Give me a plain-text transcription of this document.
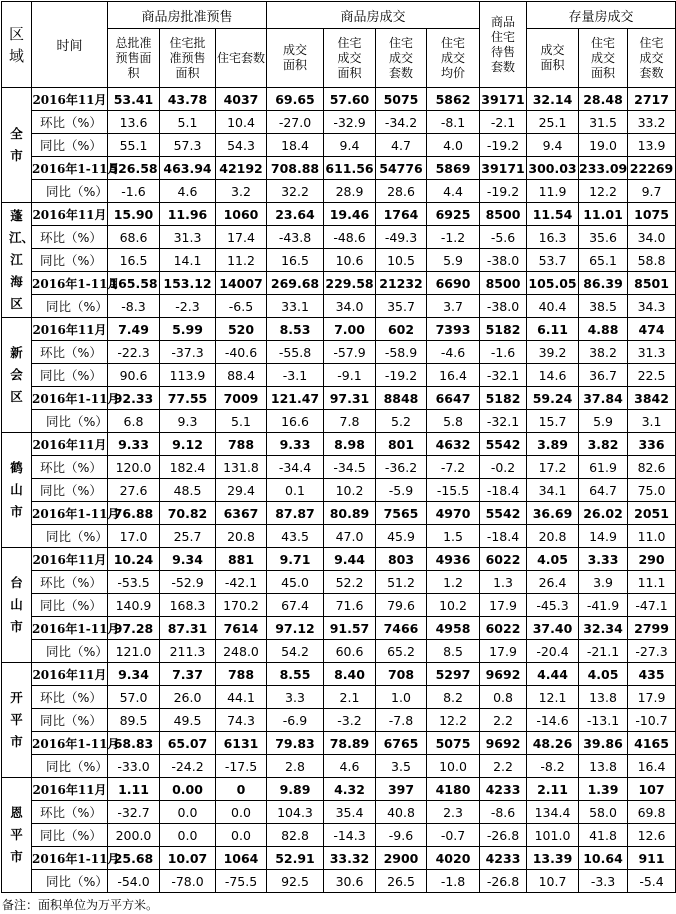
区域	时间	商品房批准预售			商品房成交				商品住宅待售套数	存量房成交		
		总批准预售面积	住宅批准预售面积	住宅套数	成交面积	住宅成交面积	住宅成交套数	住宅成交均价		成交面积	住宅成交面积	住宅成交套数
全市	2016年11月	53.41	43.78	4037	69.65	57.60	5075	5862	39171	32.14	28.48	2717
	环比（%）	13.6	5.1	10.4	-27.0	-32.9	-34.2	-8.1	-2.1	25.1	31.5	33.2
	同比（%）	55.1	57.3	54.3	18.4	9.4	4.7	4.0	-19.2	9.4	19.0	13.9
	2016年1-11月	526.58	463.94	42192	708.88	611.56	54776	5869	39171	300.03	233.09	22269
	同比（%）	-1.6	4.6	3.2	32.2	28.9	28.6	4.4	-19.2	11.9	12.2	9.7
蓬江、江海区	2016年11月	15.90	11.96	1060	23.64	19.46	1764	6925	8500	11.54	11.01	1075
	环比（%）	68.6	31.3	17.4	-43.8	-48.6	-49.3	-1.2	-5.6	16.3	35.6	34.0
	同比（%）	16.5	14.1	11.2	16.5	10.6	10.5	5.9	-38.0	53.7	65.1	58.8
	2016年1-11月	165.58	153.12	14007	269.68	229.58	21232	6690	8500	105.05	86.39	8501
	同比（%）	-8.3	-2.3	-6.5	33.1	34.0	35.7	3.7	-38.0	40.4	38.5	34.3
新会区	2016年11月	7.49	5.99	520	8.53	7.00	602	7393	5182	6.11	4.88	474
	环比（%）	-22.3	-37.3	-40.6	-55.8	-57.9	-58.9	-4.6	-1.6	39.2	38.2	31.3
	同比（%）	90.6	113.9	88.4	-3.1	-9.1	-19.2	16.4	-32.1	14.6	36.7	22.5
	2016年1-11月	92.33	77.55	7009	121.47	97.31	8848	6647	5182	59.24	37.84	3842
	同比（%）	6.8	9.3	5.1	16.6	7.8	5.2	5.8	-32.1	15.7	5.9	3.1
鹤山市	2016年11月	9.33	9.12	788	9.33	8.98	801	4632	5542	3.89	3.82	336
	环比（%）	120.0	182.4	131.8	-34.4	-34.5	-36.2	-7.2	-0.2	17.2	61.9	82.6
	同比（%）	27.6	48.5	29.4	0.1	10.2	-5.9	-15.5	-18.4	34.1	64.7	75.0
	2016年1-11月	76.88	70.82	6367	87.87	80.89	7565	4970	5542	36.69	26.02	2051
	同比（%）	17.0	25.7	20.8	43.5	47.0	45.9	1.5	-18.4	20.8	14.9	11.0
台山市	2016年11月	10.24	9.34	881	9.71	9.44	803	4936	6022	4.05	3.33	290
	环比（%）	-53.5	-52.9	-42.1	45.0	52.2	51.2	1.2	1.3	26.4	3.9	11.1
	同比（%）	140.9	168.3	170.2	67.4	71.6	79.6	10.2	17.9	-45.3	-41.9	-47.1
	2016年1-11月	97.28	87.31	7614	97.12	91.57	7466	4958	6022	37.40	32.34	2799
	同比（%）	121.0	211.3	248.0	54.2	60.6	65.2	8.5	17.9	-20.4	-21.1	-27.3
开平市	2016年11月	9.34	7.37	788	8.55	8.40	708	5297	9692	4.44	4.05	435
	环比（%）	57.0	26.0	44.1	3.3	2.1	1.0	8.2	0.8	12.1	13.8	17.9
	同比（%）	89.5	49.5	74.3	-6.9	-3.2	-7.8	12.2	2.2	-14.6	-13.1	-10.7
	2016年1-11月	68.83	65.07	6131	79.83	78.89	6765	5075	9692	48.26	39.86	4165
	同比（%）	-33.0	-24.2	-17.5	2.8	4.6	3.5	10.0	2.2	-8.2	13.8	16.4
恩平市	2016年11月	1.11	0.00	0	9.89	4.32	397	4180	4233	2.11	1.39	107
	环比（%）	-32.7	0.0	0.0	104.3	35.4	40.8	2.3	-8.6	134.4	58.0	69.8
	同比（%）	200.0	0.0	0.0	82.8	-14.3	-9.6	-0.7	-26.8	101.0	41.8	12.6
	2016年1-11月	25.68	10.07	1064	52.91	33.32	2900	4020	4233	13.39	10.64	911
	同比（%）	-54.0	-78.0	-75.5	92.5	30.6	26.5	-1.8	-26.8	10.7	-3.3	-5.4
备注：面积单位为万平方米。
